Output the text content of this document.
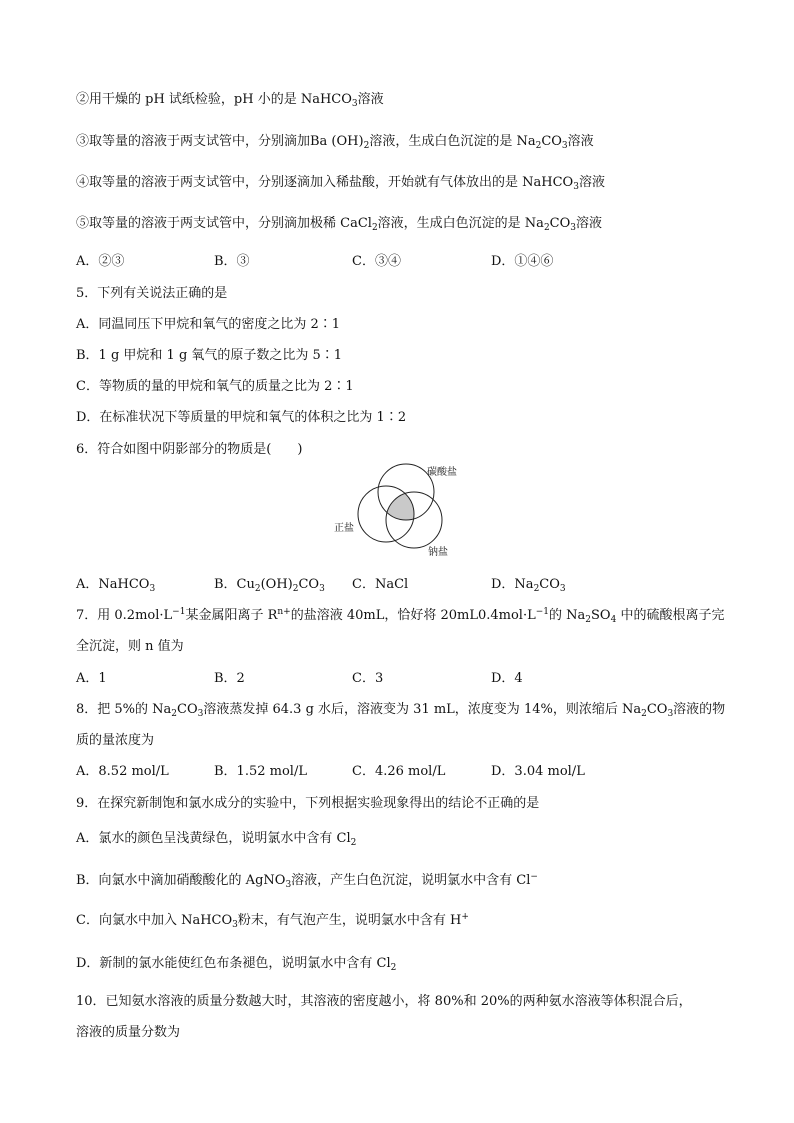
②用干燥的 pH 试纸检验，pH 小的是 NaHCO$_3$溶液
③取等量的溶液于两支试管中，分别滴加Ba $(OH)_2$溶液，生成白色沉淀的是 $Na_2CO_3$溶液
④取等量的溶液于两支试管中，分别逐滴加入稀盐酸，开始就有气体放出的是 NaHCO$_3$溶液
⑤取等量的溶液于两支试管中，分别滴加极稀 CaCl$_2$溶液，生成白色沉淀的是 $Na_2CO_3$溶液
A．②③	B．③	C．③④	D．①④⑥
5．下列有关说法正确的是
A．同温同压下甲烷和氧气的密度之比为 2∶1
B．1 g 甲烷和 1 g 氧气的原子数之比为 5∶1
C．等物质的量的甲烷和氧气的质量之比为 2∶1
D．在标准状况下等质量的甲烷和氧气的体积之比为 1∶2
6．符合如图中阴影部分的物质是(　　)
碳酸盐
正盐
钠盐
A．NaHCO$_3$	B．$Cu_2(OH)_2CO_3$ C．NaCl	D．$Na_2CO_3$
7．用 $0.2mol\cdot L^{-1}$某金属阳离子 $R^{n+}$的盐溶液 40mL，恰好将 $20mL0.4mol\cdot L^{-1}$的 $Na_2SO_4$ 中的硫酸根离子完
全沉淀，则 n 值为
A．1	B．2	C．3	D．4
8．把 5%的 $Na_2CO_3$溶液蒸发掉 64.3 g 水后，溶液变为 31 mL，浓度变为 14%，则浓缩后 $Na_2CO_3$溶液的物
质的量浓度为
A．8.52 mol/L	B．1.52 mol/L	C．4.26 mol/L	D．3.04 mol/L
9．在探究新制饱和氯水成分的实验中，下列根据实验现象得出的结论不正确的是
A．氯水的颜色呈浅黄绿色，说明氯水中含有 $Cl_2$
B．向氯水中滴加硝酸酸化的 AgNO$_3$溶液，产生白色沉淀，说明氯水中含有 Cl−
C．向氯水中加入 NaHCO$_3$粉末，有气泡产生，说明氯水中含有 H+
D．新制的氯水能使红色布条褪色，说明氯水中含有 $Cl_2$
10．已知氨水溶液的质量分数越大时，其溶液的密度越小，将 80%和 20%的两种氨水溶液等体积混合后，
溶液的质量分数为
